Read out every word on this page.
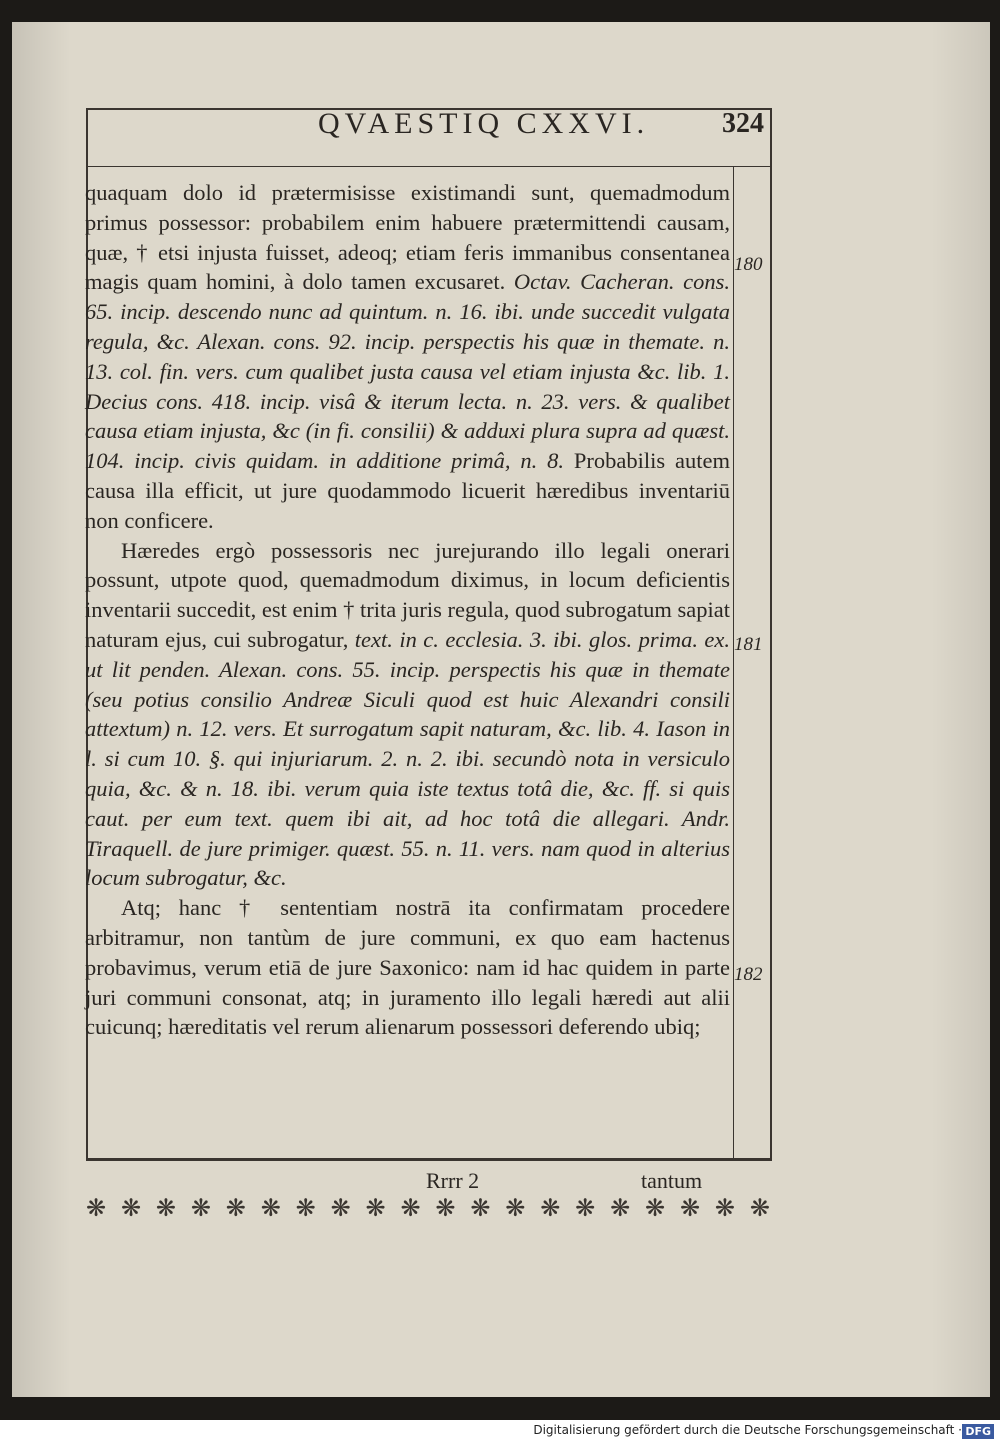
QVAESTIQ CXXVI.	324

quaquam dolo id prætermisisse existimandi sunt, quemadmodum primus possessor: probabilem enim habuere prætermittendi causam, quæ, † etsi injusta fuisset, adeoq; etiam feris immanibus consentanea magis quam homini, à dolo tamen excusaret. Octav. Cacheran. cons. 65. incip. descendo nunc ad quintum. n. 16. ibi. unde succedit vulgata regula, &c. Alexan. cons. 92. incip. perspectis his quæ in themate. n. 13. col. fin. vers. cum qualibet justa causa vel etiam injusta &c. lib. 1. Decius cons. 418. incip. visâ & iterum lecta. n. 23. vers. & qualibet causa etiam injusta, &c (in fi. consilii) & adduxi plura supra ad quæst. 104. incip. civis quidam. in additione primâ, n. 8. Probabilis autem causa illa efficit, ut jure quodammodo licuerit hæredibus inventariū non conficere.

Hæredes ergò possessoris nec jurejurando illo legali onerari possunt, utpote quod, quemadmodum diximus, in locum deficientis inventarii succedit, est enim † trita juris regula, quod subrogatum sapiat naturam ejus, cui subrogatur, text. in c. ecclesia. 3. ibi. glos. prima. ex. ut lit penden. Alexan. cons. 55. incip. perspectis his quæ in themate (seu potius consilio Andreæ Siculi quod est huic Alexandri consili attextum) n. 12. vers. Et surrogatum sapit naturam, &c. lib. 4. Iason in l. si cum 10. §. qui injuriarum. 2. n. 2. ibi. secundò nota in versiculo quia, &c. & n. 18. ibi. verum quia iste textus totâ die, &c. ff. si quis caut. per eum text. quem ibi ait, ad hoc totâ die allegari. Andr. Tiraquell. de jure primiger. quæst. 55. n. 11. vers. nam quod in alterius locum subrogatur, &c.

Atq; hanc † sententiam nostrā ita confirmatam procedere arbitramur, non tantùm de jure communi, ex quo eam hactenus probavimus, verum etiā de jure Saxonico: nam id hac quidem in parte juri communi consonat, atq; in juramento illo legali hæredi aut alii cuicunq; hæreditatis vel rerum alienarum possessori deferendo ubiq;

180
181
182
Rrrr 2	tantum
❋ ❋ ❋ ❋ ❋ ❋ ❋ ❋ ❋ ❋ ❋ ❋ ❋ ❋ ❋ ❋ ❋ ❋ ❋ ❋
Digitalisierung gefördert durch die Deutsche Forschungsgemeinschaft · DFG
